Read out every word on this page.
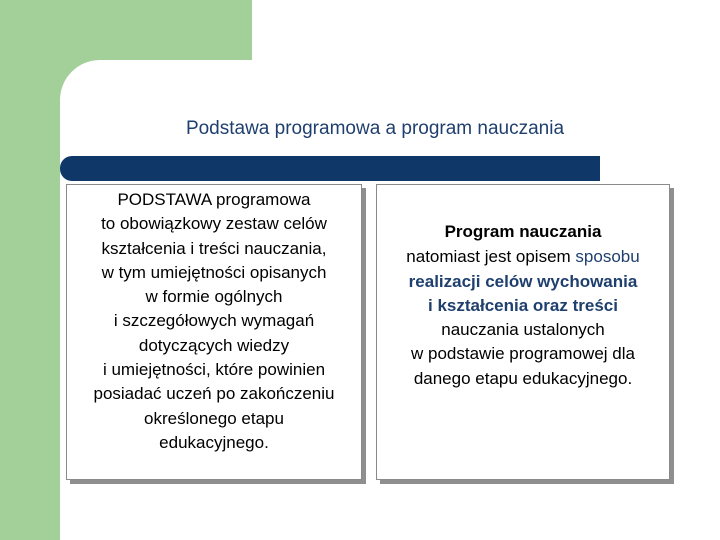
Podstawa programowa a program nauczania
PODSTAWA programowa
to obowiązkowy zestaw celów
kształcenia i treści nauczania,
w tym umiejętności opisanych
w formie ogólnych
i szczegółowych wymagań
dotyczących wiedzy
i umiejętności, które powinien
posiadać uczeń po zakończeniu
określonego etapu
edukacyjnego.
Program nauczania
natomiast jest opisem sposobu
realizacji celów wychowania
i kształcenia oraz treści
nauczania ustalonych
w podstawie programowej dla
danego etapu edukacyjnego.
